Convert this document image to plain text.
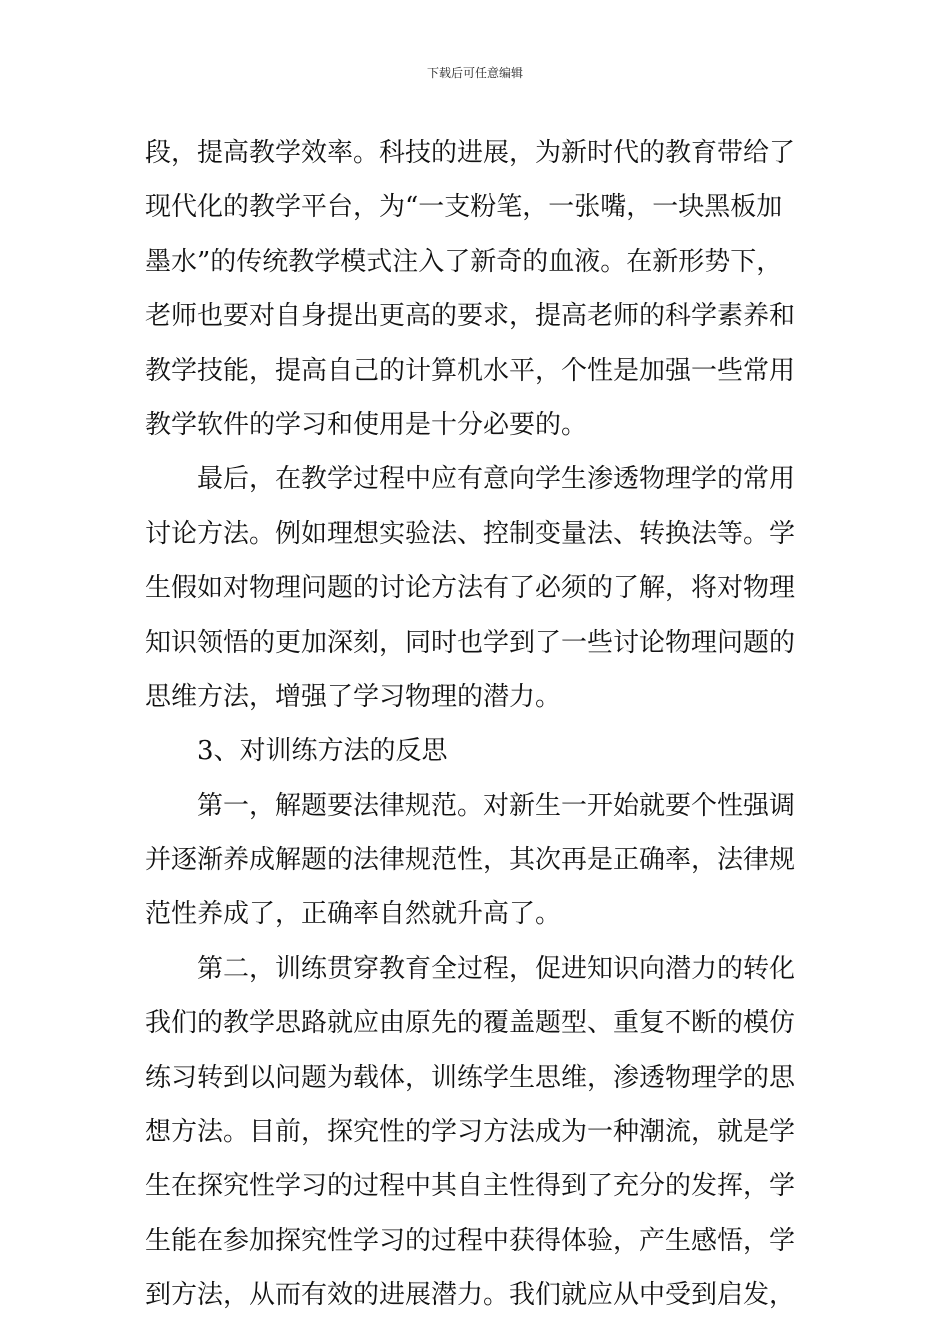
下载后可任意编辑
段，提高教学效率。科技的进展，为新时代的教育带给了
现代化的教学平台，为“一支粉笔，一张嘴，一块黑板加
墨水”的传统教学模式注入了新奇的血液。在新形势下，
老师也要对自身提出更高的要求，提高老师的科学素养和
教学技能，提高自己的计算机水平，个性是加强一些常用
教学软件的学习和使用是十分必要的。
最后，在教学过程中应有意向学生渗透物理学的常用
讨论方法。例如理想实验法、控制变量法、转换法等。学
生假如对物理问题的讨论方法有了必须的了解，将对物理
知识领悟的更加深刻，同时也学到了一些讨论物理问题的
思维方法，增强了学习物理的潜力。
3、对训练方法的反思
第一，解题要法律规范。对新生一开始就要个性强调
并逐渐养成解题的法律规范性，其次再是正确率，法律规
范性养成了，正确率自然就升高了。
第二，训练贯穿教育全过程，促进知识向潜力的转化
我们的教学思路就应由原先的覆盖题型、重复不断的模仿
练习转到以问题为载体，训练学生思维，渗透物理学的思
想方法。目前，探究性的学习方法成为一种潮流，就是学
生在探究性学习的过程中其自主性得到了充分的发挥，学
生能在参加探究性学习的过程中获得体验，产生感悟，学
到方法，从而有效的进展潜力。我们就应从中受到启发，
